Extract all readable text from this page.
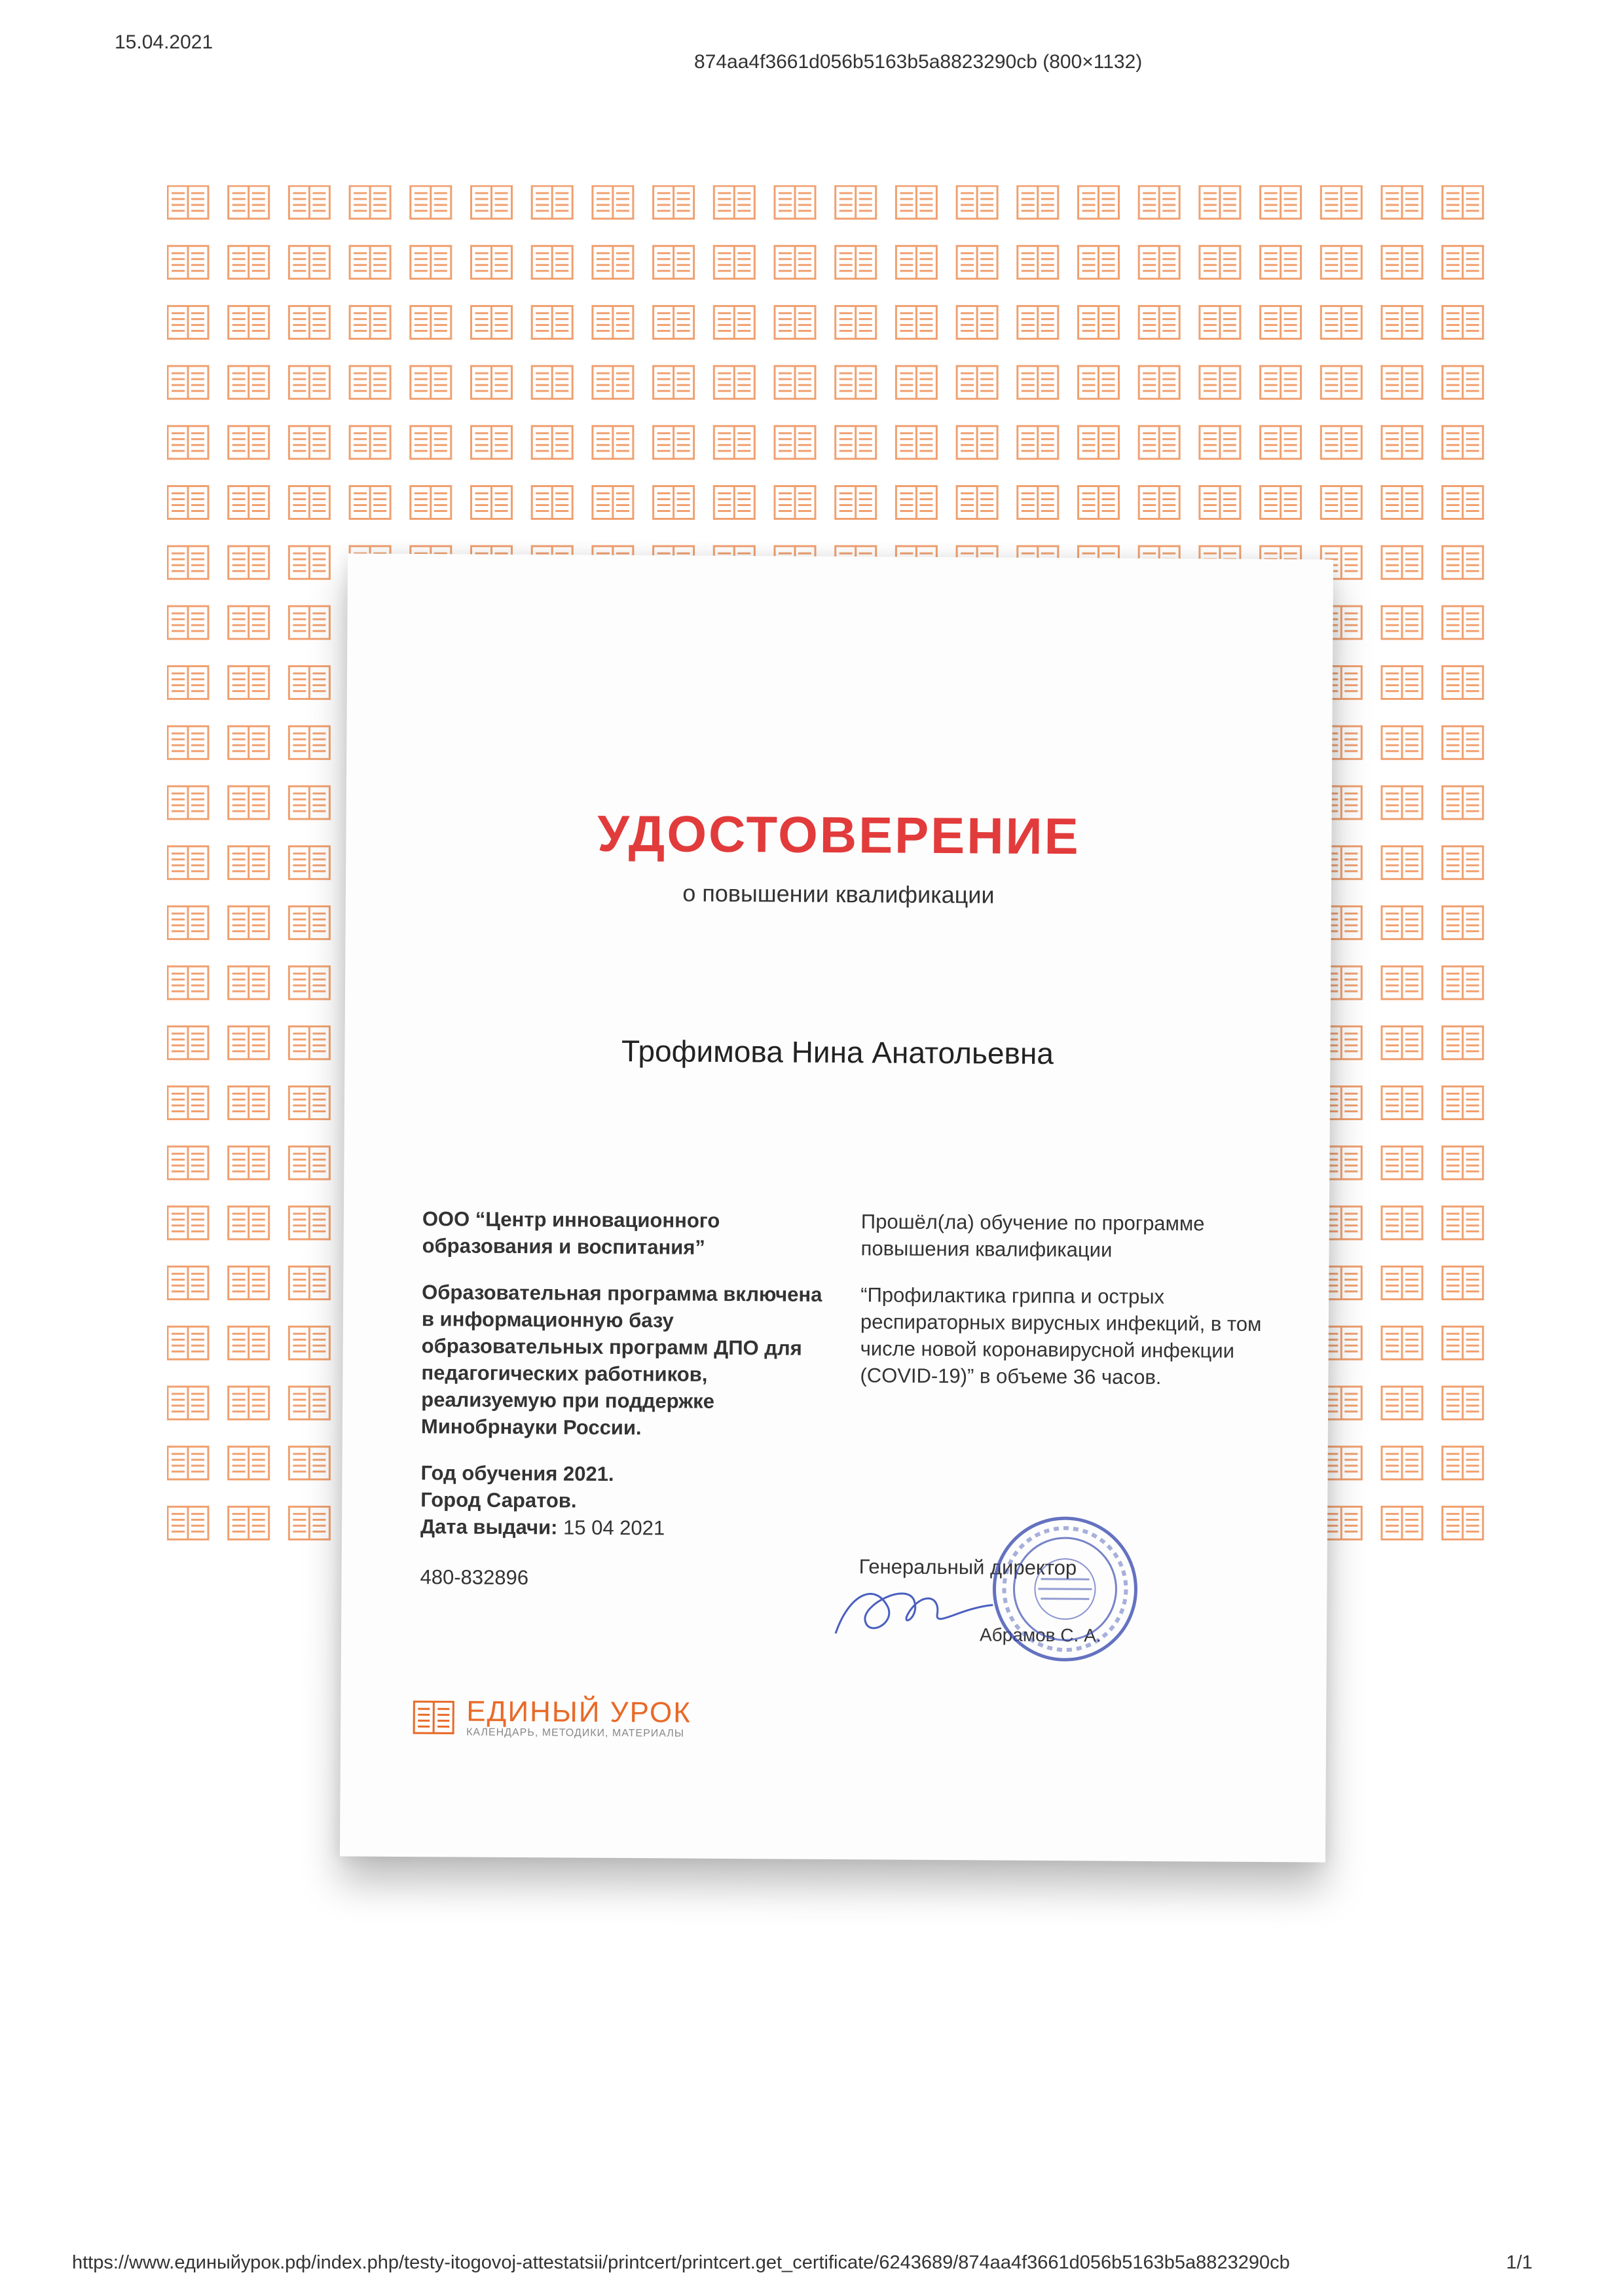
15.04.2021
874aa4f3661d056b5163b5a8823290cb (800×1132)
УДОСТОВЕРЕНИЕ
о повышении квалификации
Трофимова Нина Анатольевна

ООО “Центр инновационного образования и воспитания”

Образовательная программа включена в информационную базу образовательных программ ДПО для педагогических работников, реализуемую при поддержке Минобрнауки России.

Год обучения 2021.

Город Саратов.

Дата выдачи: 15 04 2021

480-832896

Прошёл(ла) обучение по программе повышения квалификации

“Профилактика гриппа и острых респираторных вирусных инфекций, в том числе новой коронавирусной инфекции (COVID-19)” в объеме 36 часов.

Генеральный директор
Абрамов С. А.
ЕДИНЫЙ УРОК
КАЛЕНДАРЬ, МЕТОДИКИ, МАТЕРИАЛЫ
https://www.единыйурок.рф/index.php/testy-itogovoj-attestatsii/printcert/printcert.get_certificate/6243689/874aa4f3661d056b5163b5a8823290cb	1/1
